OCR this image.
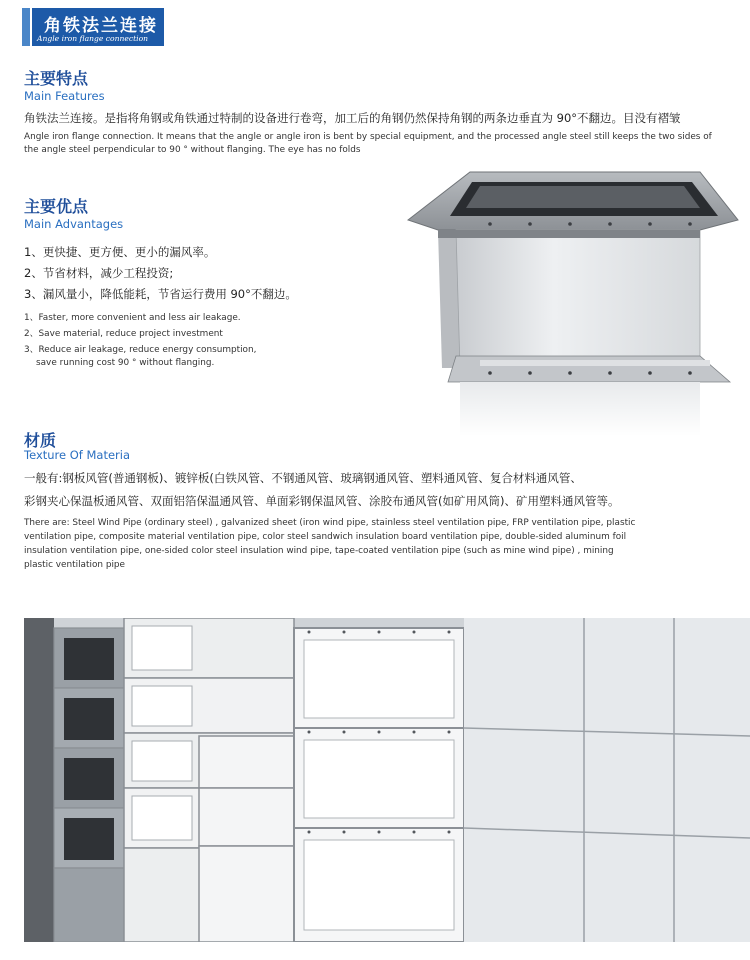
角铁法兰连接
Angle iron flange connection
主要特点
Main Features
角铁法兰连接。是指将角钢或角铁通过特制的设备进行卷弯，加工后的角钢仍然保持角钢的两条边垂直为 90°不翻边。目没有褶皱
Angle iron flange connection. It means that the angle or angle iron is bent by special equipment, and the processed angle steel still keeps the two sides of
the angle steel perpendicular to 90 ° without flanging. The eye has no folds
主要优点
Main Advantages
1、更快捷、更方便、更小的漏风率。
2、节省材料，减少工程投资;
3、漏风量小，降低能耗，节省运行费用 90°不翻边。
1、Faster, more convenient and less air leakage.
2、Save material, reduce project investment
3、Reduce air leakage, reduce energy consumption,
save running cost 90 ° without flanging.
材质
Texture Of Materia
一般有:钢板风管(普通钢板)、镀锌板(白铁风管、不钢通风管、玻璃钢通风管、塑料通风管、复合材料通风管、
彩钢夹心保温板通风管、双面铝箔保温通风管、单面彩钢保温风管、涂胶布通风管(如矿用风筒)、矿用塑料通风管等。
There are: Steel Wind Pipe (ordinary steel) , galvanized sheet (iron wind pipe, stainless steel ventilation pipe, FRP ventilation pipe, plastic
ventilation pipe, composite material ventilation pipe, color steel sandwich insulation board ventilation pipe, double-sided aluminum foil
insulation ventilation pipe, one-sided color steel insulation wind pipe, tape-coated ventilation pipe (such as mine wind pipe) , mining
plastic ventilation pipe
